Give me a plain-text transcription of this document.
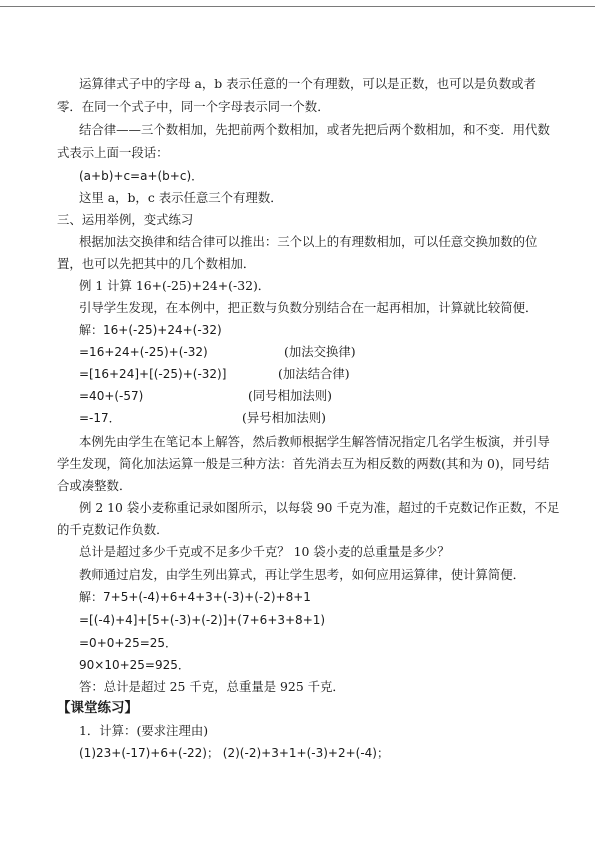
运算律式子中的字母 a，b 表示任意的一个有理数，可以是正数，也可以是负数或者
零．在同一个式子中，同一个字母表示同一个数．
结合律——三个数相加，先把前两个数相加，或者先把后两个数相加，和不变．用代数
式表示上面一段话：
(a+b)+c=a+(b+c)．
这里 a，b，c 表示任意三个有理数．
三、运用举例，变式练习
根据加法交换律和结合律可以推出：三个以上的有理数相加，可以任意交换加数的位
置，也可以先把其中的几个数相加．
例 1 计算 16+(-25)+24+(-32)．
引导学生发现，在本例中，把正数与负数分别结合在一起再相加，计算就比较简便．
解：16+(-25)+24+(-32)
=16+24+(-25)+(-32)	(加法交换律)
=[16+24]+[(-25)+(-32)]	(加法结合律)
=40+(-57)	(同号相加法则)
=-17．	(异号相加法则)
本例先由学生在笔记本上解答，然后教师根据学生解答情况指定几名学生板演，并引导
学生发现，简化加法运算一般是三种方法：首先消去互为相反数的两数(其和为 0)，同号结
合或凑整数．
例 2 10 袋小麦称重记录如图所示，以每袋 90 千克为准，超过的千克数记作正数，不足
的千克数记作负数．
总计是超过多少千克或不足多少千克？ 10 袋小麦的总重量是多少？
教师通过启发，由学生列出算式，再让学生思考，如何应用运算律，使计算简便．
解：7+5+(-4)+6+4+3+(-3)+(-2)+8+1
=[(-4)+4]+[5+(-3)+(-2)]+(7+6+3+8+1)
=0+0+25=25．
90×10+25=925．
答：总计是超过 25 千克，总重量是 925 千克．
【课堂练习】
1．计算：(要求注理由)
(1)23+(-17)+6+(-22)； (2)(-2)+3+1+(-3)+2+(-4)；
